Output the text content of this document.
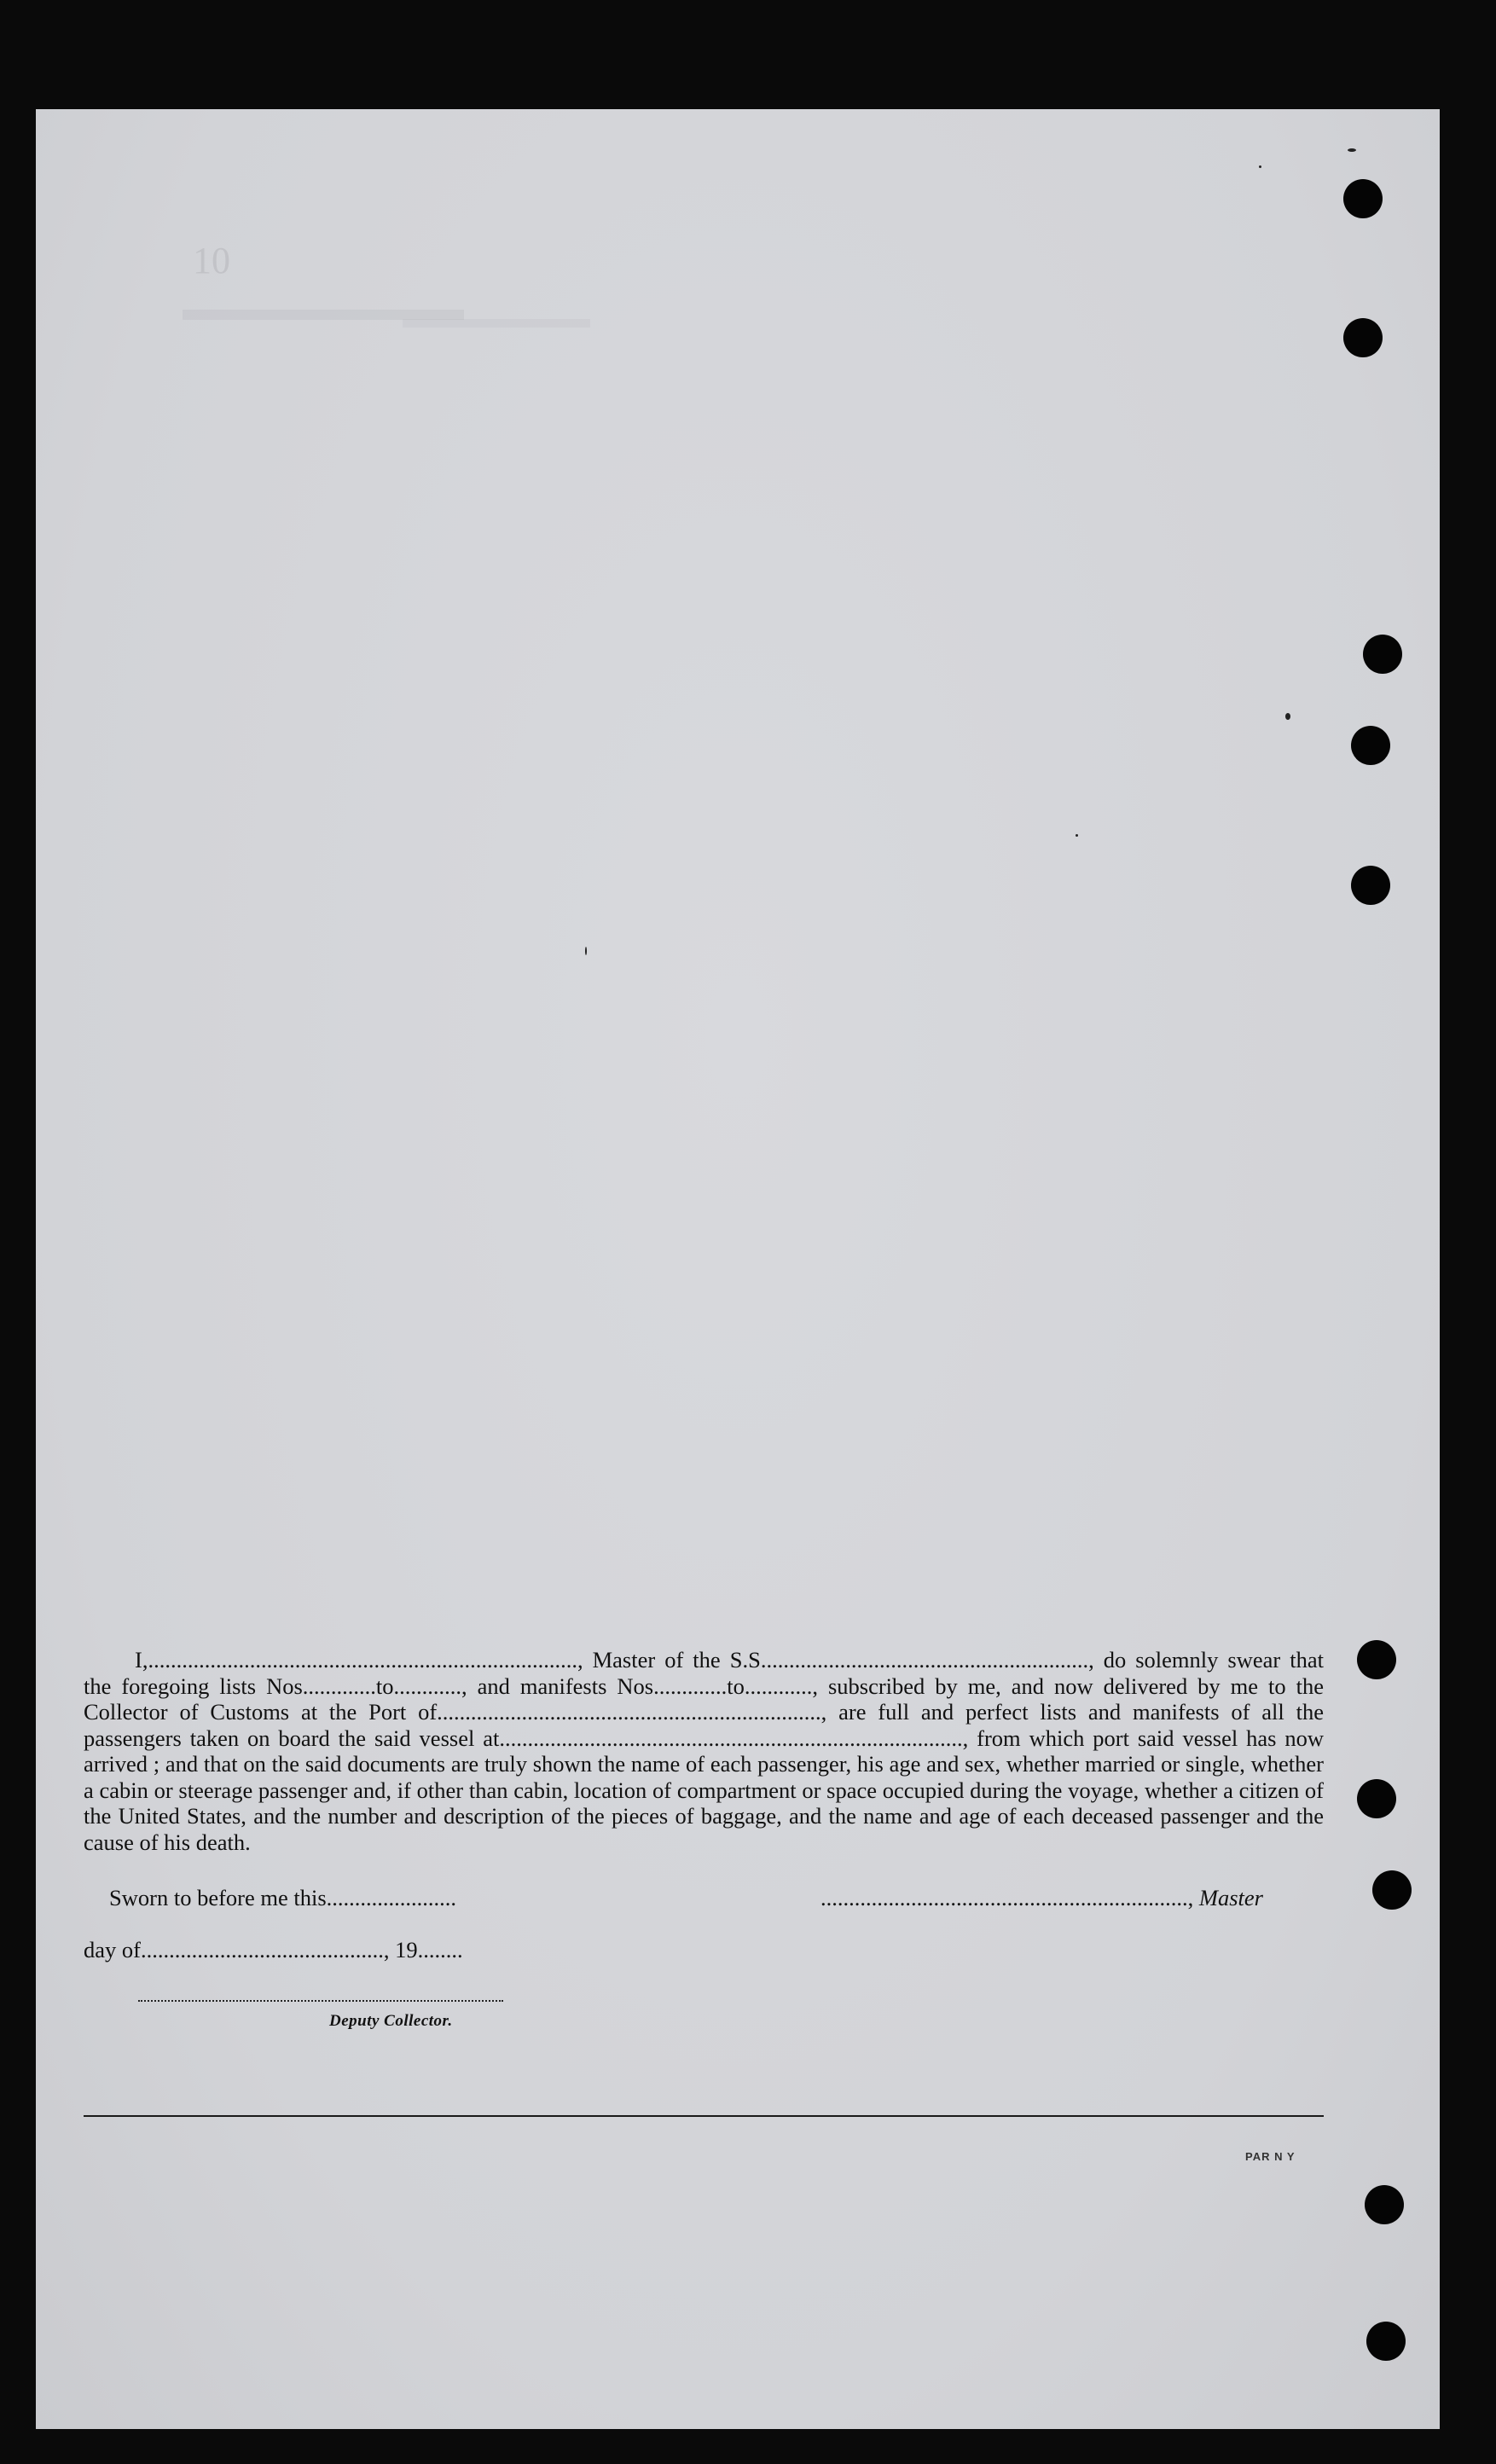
10

I,............................................................................, Master of the S.S.........................................................., do solemnly swear that the foregoing lists Nos.............to............, and manifests Nos.............to............, subscribed by me, and now delivered by me to the Collector of Customs at the Port of...................................................................., are full and perfect lists and manifests of all the passengers taken on board the said vessel at.................................................................................., from which port said vessel has now arrived ; and that on the said documents are truly shown the name of each passenger, his age and sex, whether married or single, whether a cabin or steerage passenger and, if other than cabin, location of compartment or space occupied during the voyage, whether a citizen of the United States, and the number and description of the pieces of baggage, and the name and age of each deceased passenger and the cause of his death.

Sworn to before me this.......................	................................................................., Master
day of..........................................., 19........
Deputy Collector.
PAR N Y
